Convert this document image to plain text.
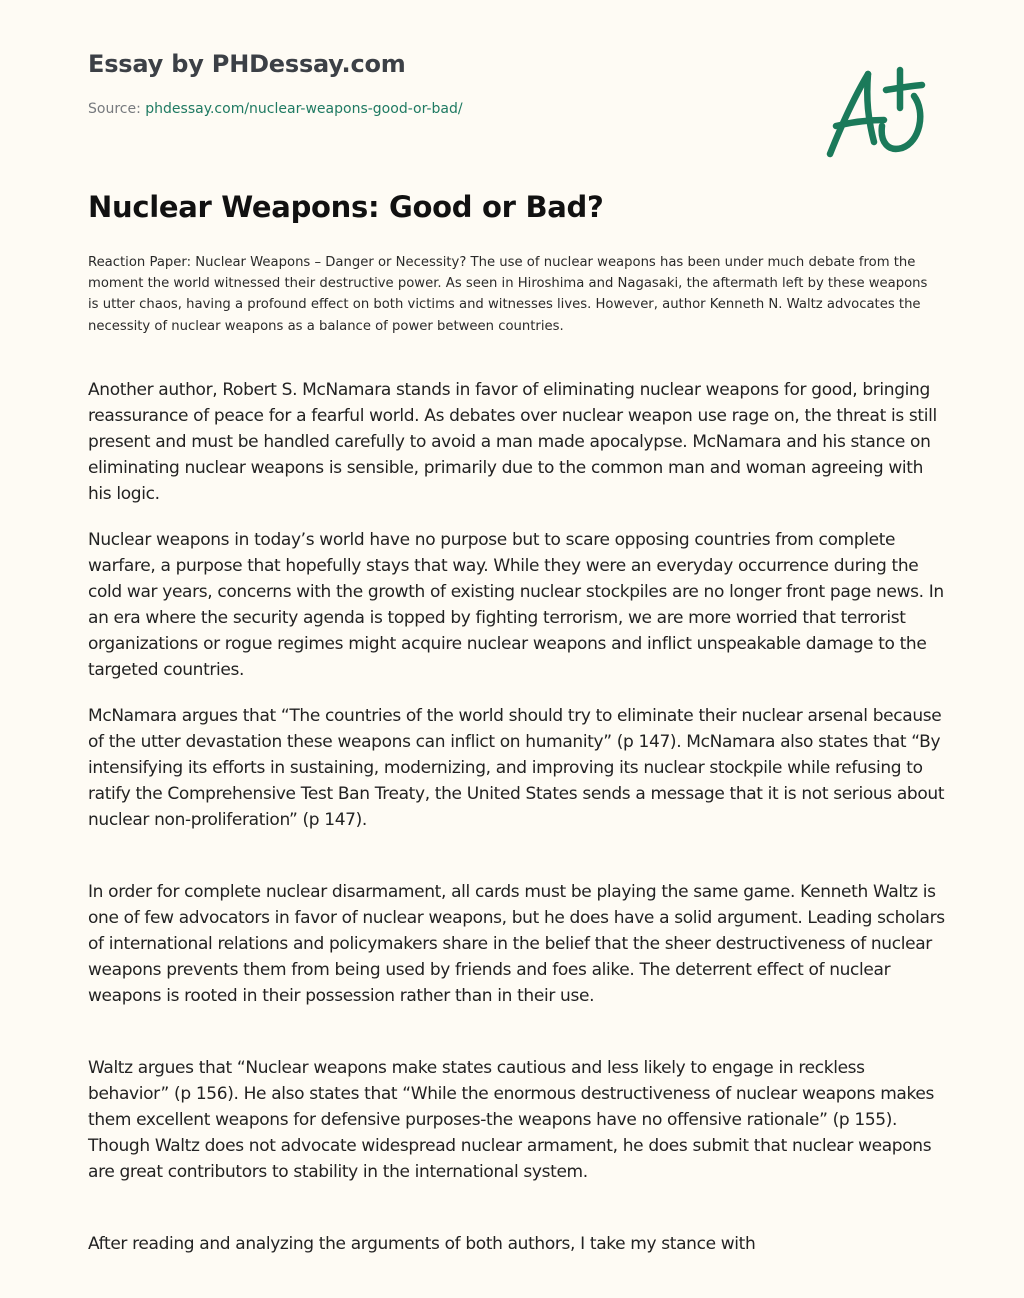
Essay by PHDessay.com
Source: phdessay.com/nuclear-weapons-good-or-bad/
Nuclear Weapons: Good or Bad?

Reaction Paper: Nuclear Weapons – Danger or Necessity? The use of nuclear weapons has been under much debate from the moment the world witnessed their destructive power. As seen in Hiroshima and Nagasaki, the aftermath left by these weapons is utter chaos, having a profound effect on both victims and witnesses lives. However, author Kenneth N. Waltz advocates the necessity of nuclear weapons as a balance of power between countries.

Another author, Robert S. McNamara stands in favor of eliminating nuclear weapons for good, bringing reassurance of peace for a fearful world. As debates over nuclear weapon use rage on, the threat is still present and must be handled carefully to avoid a man made apocalypse. McNamara and his stance on eliminating nuclear weapons is sensible, primarily due to the common man and woman agreeing with his logic.

Nuclear weapons in today’s world have no purpose but to scare opposing countries from complete warfare, a purpose that hopefully stays that way. While they were an everyday occurrence during the cold war years, concerns with the growth of existing nuclear stockpiles are no longer front page news. In an era where the security agenda is topped by fighting terrorism, we are more worried that terrorist organizations or rogue regimes might acquire nuclear weapons and inflict unspeakable damage to the targeted countries.

McNamara argues that “The countries of the world should try to eliminate their nuclear arsenal because of the utter devastation these weapons can inflict on humanity” (p 147). McNamara also states that “By intensifying its efforts in sustaining, modernizing, and improving its nuclear stockpile while refusing to ratify the Comprehensive Test Ban Treaty, the United States sends a message that it is not serious about nuclear non-proliferation” (p 147).

In order for complete nuclear disarmament, all cards must be playing the same game. Kenneth Waltz is one of few advocators in favor of nuclear weapons, but he does have a solid argument. Leading scholars of international relations and policymakers share in the belief that the sheer destructiveness of nuclear weapons prevents them from being used by friends and foes alike. The deterrent effect of nuclear weapons is rooted in their possession rather than in their use.

Waltz argues that “Nuclear weapons make states cautious and less likely to engage in reckless behavior” (p 156). He also states that “While the enormous destructiveness of nuclear weapons makes them excellent weapons for defensive purposes-the weapons have no offensive rationale” (p 155). Though Waltz does not advocate widespread nuclear armament, he does submit that nuclear weapons are great contributors to stability in the international system.

After reading and analyzing the arguments of both authors, I take my stance with
